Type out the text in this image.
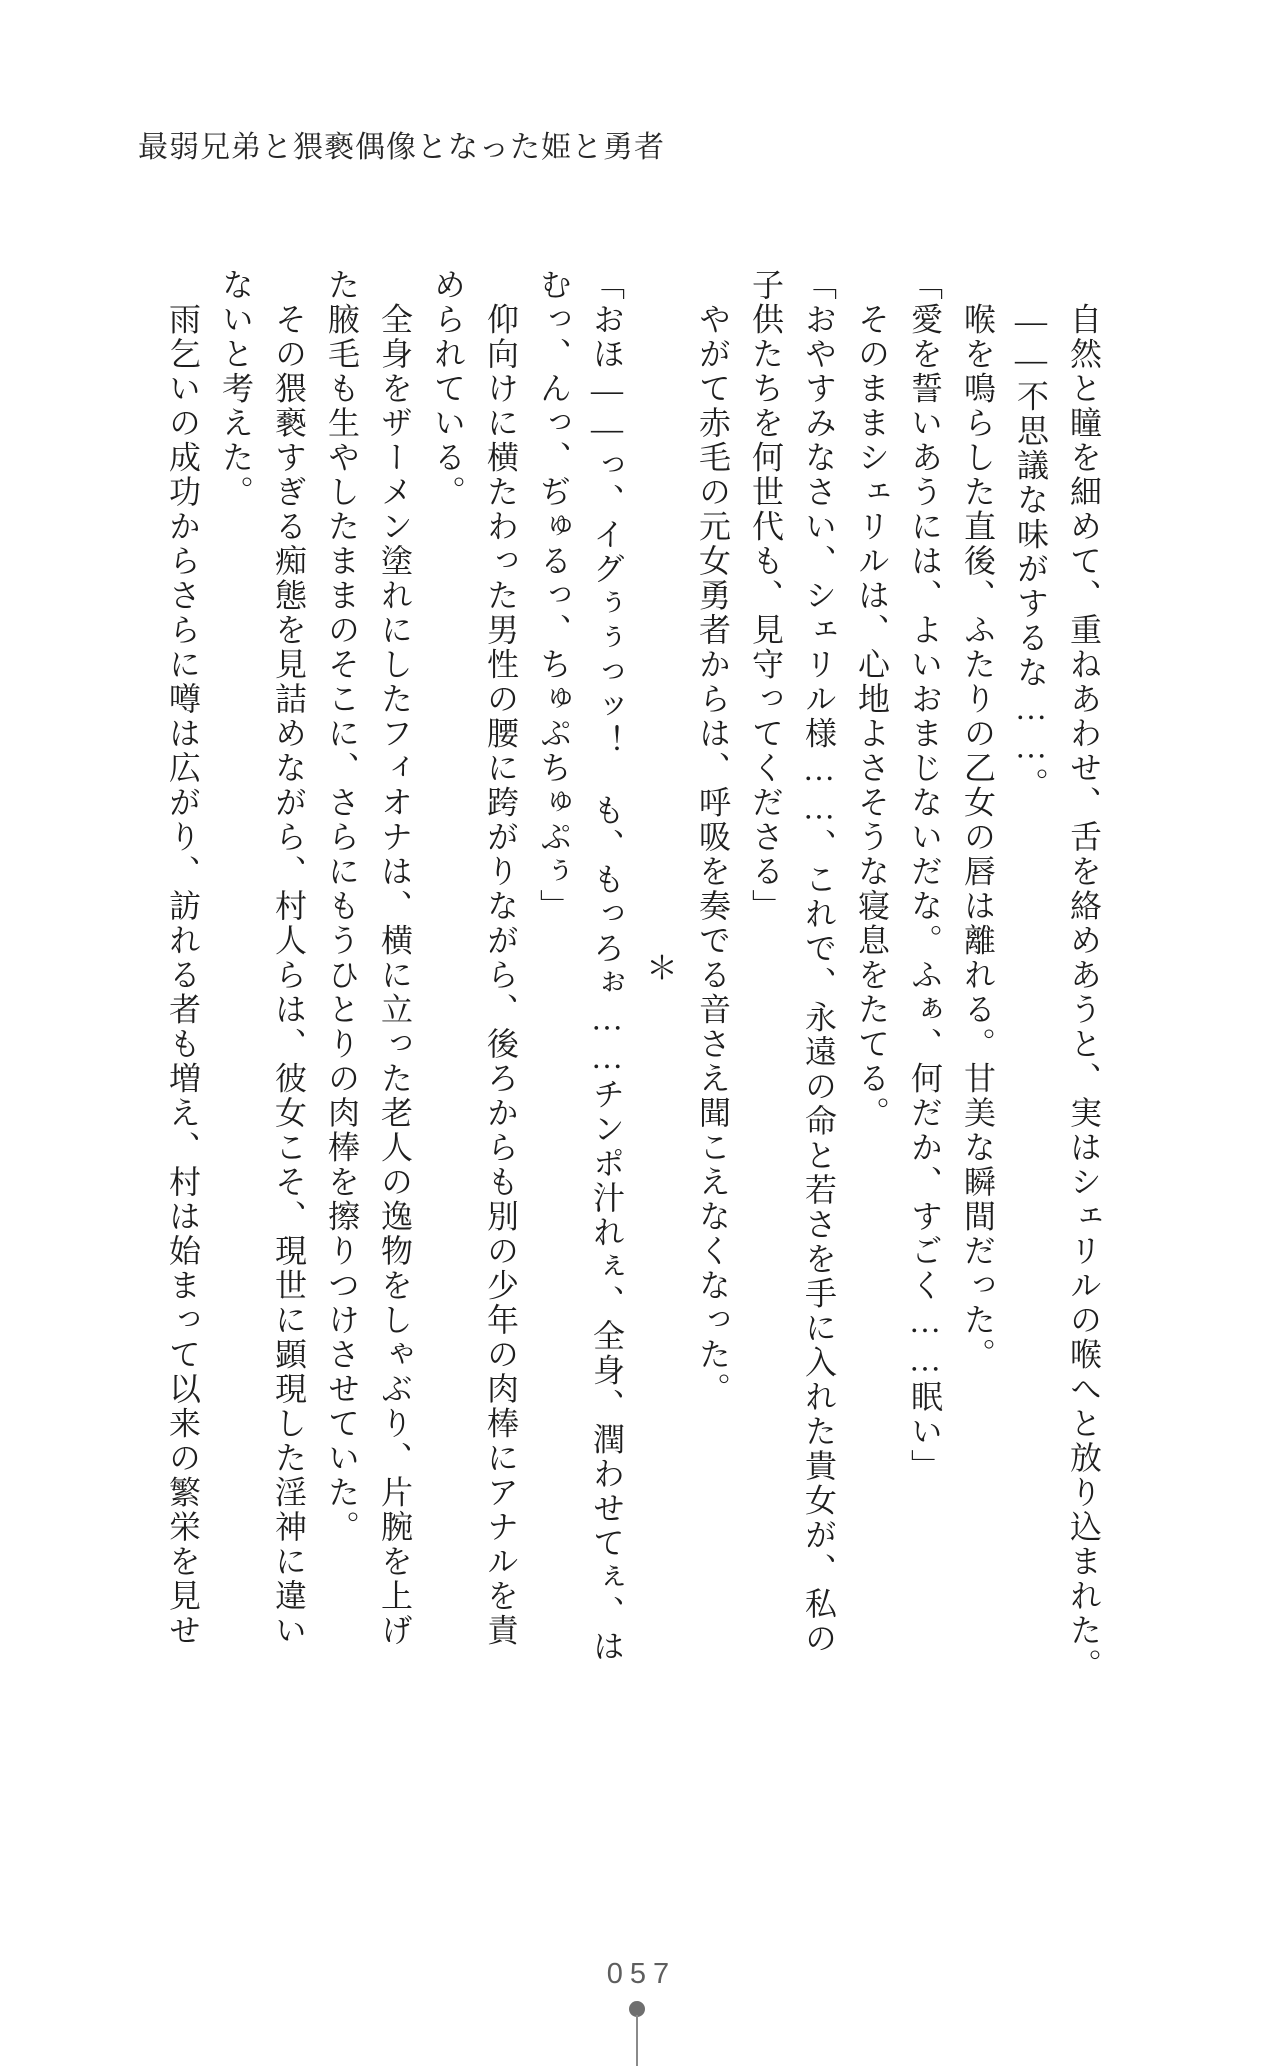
最弱兄弟と猥褻偶像となった姫と勇者
　自然と瞳を細めて、重ねあわせ、舌を絡めあうと、実はシェリルの喉へと放り込まれた。
　――不思議な味がするな……。
　喉を鳴らした直後、ふたりの乙女の唇は離れる。甘美な瞬間だった。
「愛を誓いあうには、よいおまじないだな。ふぁ、何だか、すごく……眠い」
　そのままシェリルは、心地よさそうな寝息をたてる。
「おやすみなさい、シェリル様……、これで、永遠の命と若さを手に入れた貴女が、私の
子供たちを何世代も、見守ってくださる」
　やがて赤毛の元女勇者からは、呼吸を奏でる音さえ聞こえなくなった。
＊
「おほ――っ、イグぅぅっッ！　も、もっろぉ……チンポ汁れぇ、全身、潤わせてぇ、は
むっ、んっ、ぢゅるっ、ちゅぷちゅぷぅ」
　仰向けに横たわった男性の腰に跨がりながら、後ろからも別の少年の肉棒にアナルを責
められている。
　全身をザーメン塗れにしたフィオナは、横に立った老人の逸物をしゃぶり、片腕を上げ
た腋毛も生やしたままのそこに、さらにもうひとりの肉棒を擦りつけさせていた。
　その猥褻すぎる痴態を見詰めながら、村人らは、彼女こそ、現世に顕現した淫神に違い
ないと考えた。
　雨乞いの成功からさらに噂は広がり、訪れる者も増え、村は始まって以来の繁栄を見せ
057
